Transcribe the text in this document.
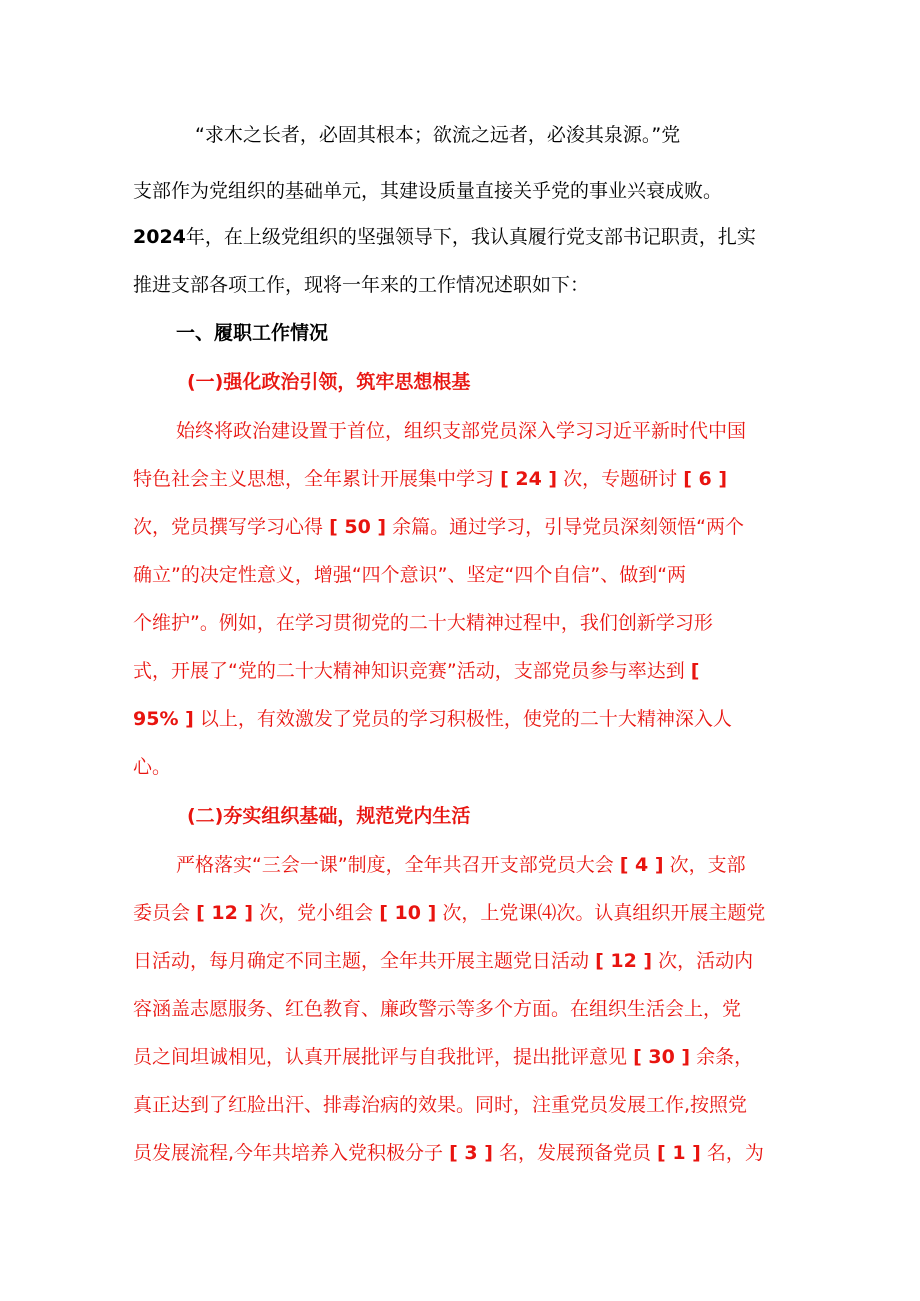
“求木之长者，必固其根本；欲流之远者，必浚其泉源。”党
支部作为党组织的基础单元，其建设质量直接关乎党的事业兴衰成败。
2024年，在上级党组织的坚强领导下，我认真履行党支部书记职责，扎实
推进支部各项工作，现将一年来的工作情况述职如下：
一、履职工作情况
(一)强化政治引领，筑牢思想根基
始终将政治建设置于首位，组织支部党员深入学习习近平新时代中国
特色社会主义思想，全年累计开展集中学习 [ 24 ] 次，专题研讨 [ 6 ]
次，党员撰写学习心得 [ 50 ] 余篇。通过学习，引导党员深刻领悟“两个
确立”的决定性意义，增强“四个意识”、坚定“四个自信”、做到“两
个维护”。例如，在学习贯彻党的二十大精神过程中，我们创新学习形
式，开展了“党的二十大精神知识竞赛”活动，支部党员参与率达到 [
95% ] 以上，有效激发了党员的学习积极性，使党的二十大精神深入人
心。
(二)夯实组织基础，规范党内生活
严格落实“三会一课”制度，全年共召开支部党员大会 [ 4 ] 次，支部
委员会 [ 12 ] 次，党小组会 [ 10 ] 次，上党课⑷次。认真组织开展主题党
日活动，每月确定不同主题，全年共开展主题党日活动 [ 12 ] 次，活动内
容涵盖志愿服务、红色教育、廉政警示等多个方面。在组织生活会上，党
员之间坦诚相见，认真开展批评与自我批评，提出批评意见 [ 30 ] 余条，
真正达到了红脸出汗、排毒治病的效果。同时，注重党员发展工作,按照党
员发展流程,今年共培养入党积极分子 [ 3 ] 名，发展预备党员 [ 1 ] 名，为
